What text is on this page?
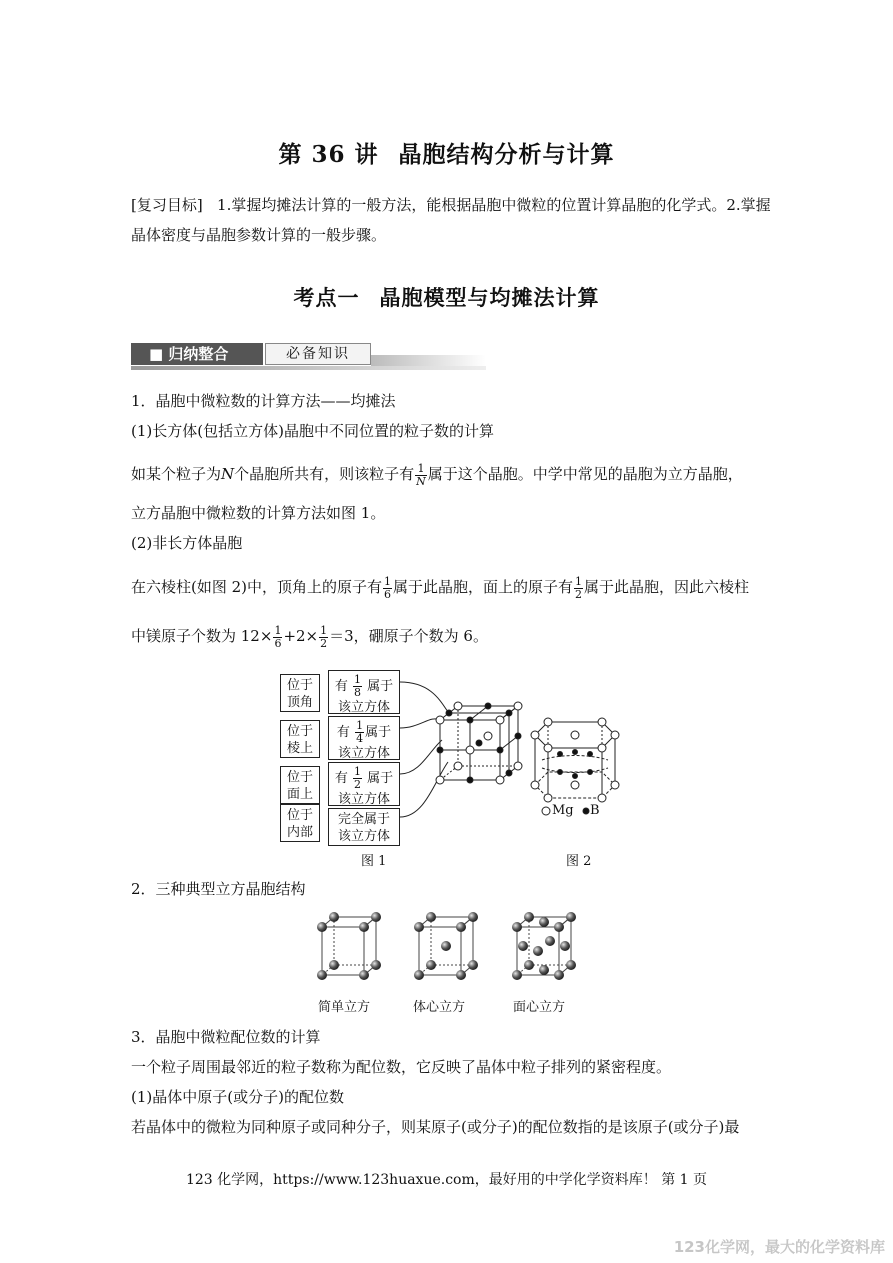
第 36 讲 晶胞结构分析与计算
[复习目标] 1.掌握均摊法计算的一般方法，能根据晶胞中微粒的位置计算晶胞的化学式。2.掌握晶体密度与晶胞参数计算的一般步骤。
考点一 晶胞模型与均摊法计算
■ 归纳整合	必备知识
1．晶胞中微粒数的计算方法——均摊法
(1)长方体(包括立方体)晶胞中不同位置的粒子数的计算
如某个粒子为N个晶胞所共有，则该粒子有 $\frac{1}{N}$ 属于这个晶胞。中学中常见的晶胞为立方晶胞，
立方晶胞中微粒数的计算方法如图 1。
(2)非长方体晶胞
在六棱柱(如图 2)中，顶角上的原子有 $\frac{1}{6}$ 属于此晶胞，面上的原子有 $\frac{1}{2}$ 属于此晶胞，因此六棱柱
中镁原子个数为 $12\times \frac{1}{6} +2\times \frac{1}{2} =3$，硼原子个数为 6。
位于
顶角
有 $\frac{1}{8}$ 属于
该立方体
位于
棱上
有 $\frac{1}{4}$ 属于
该立方体
位于
面上
有 $\frac{1}{2}$ 属于
该立方体
位于
内部
完全属于
该立方体
Mg B
图 1	图 2
2．三种典型立方晶胞结构
简单立方	体心立方	面心立方
3．晶胞中微粒配位数的计算
一个粒子周围最邻近的粒子数称为配位数，它反映了晶体中粒子排列的紧密程度。
(1)晶体中原子(或分子)的配位数
若晶体中的微粒为同种原子或同种分子，则某原子(或分子)的配位数指的是该原子(或分子)最
123 化学网，https://www.123huaxue.com，最好用的中学化学资料库！ 第 1 页
123化学网，最大的化学资料库
